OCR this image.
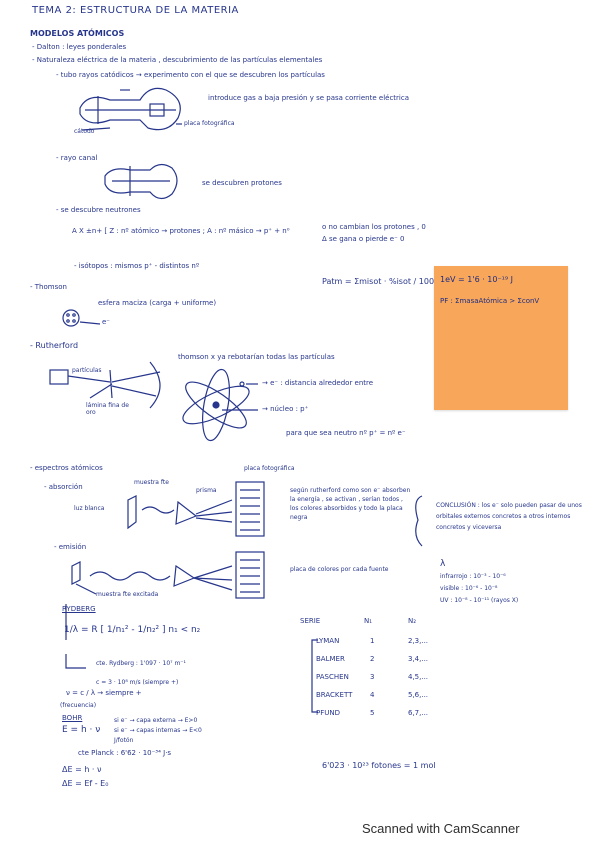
TEMA 2: ESTRUCTURA DE LA MATERIA
MODELOS ATÓMICOS
- Dalton : leyes ponderales
- Naturaleza eléctrica de la materia , descubrimiento de las partículas elementales
- tubo rayos catódicos → experimento con el que se descubren los partículas
introduce gas a baja presión y se pasa corriente eléctrica
cátodo
placa fotográfica
- rayo canal
se descubren protones
- se descubre neutrones
A X ±n+ [ Z : nº atómico → protones ; A : nº másico → p⁺ + n⁰	o no cambian los protones , 0
Δ se gana o pierde e⁻ 0
- isótopos : mismos p⁺ - distintos nº
Patm = Σmisot · %isot / 100
- Thomson
esfera maciza (carga + uniforme)
e⁻
- Rutherford
thomson x ya rebotarían todas las partículas
partículas
lámina fina de oro
→ e⁻ : distancia alrededor entre
→ núcleo : p⁺
para que sea neutro nº p⁺ = nº e⁻
- espectros atómicos
- absorción
muestra fte
luz blanca
prisma
placa fotográfica
según rutherford como son e⁻ absorben la energía , se activan , serían todos , los colores absorbidos y todo la placa negra
CONCLUSIÓN : los e⁻ solo pueden pasar de unos orbitales externos concretos a otros internos concretos y viceversa
- emisión
muestra fte excitada
placa de colores por cada fuente
λ
infrarrojo : 10⁻³ - 10⁻⁶
visible : 10⁻⁶ - 10⁻⁸
UV : 10⁻⁸ - 10⁻¹¹ (rayos X)
RYDBERG
1/λ = R [ 1/n₁² - 1/n₂² ] n₁ < n₂
cte. Rydberg : 1'097 · 10⁷ m⁻¹
c = 3 · 10⁸ m/s (siempre +)
ν = c / λ → siempre +
(frecuencia)
BOHR
E = h · ν
si e⁻ → capa externa → E>0
si e⁻ → capas internas → E<0
J/fotón
cte Planck : 6'62 · 10⁻³⁴ J·s
ΔE = h · ν
ΔE = Ef - E₀
SERIE	N₁	N₂
LYMAN	1	2,3,...
BALMER	2	3,4,...
PASCHEN	3	4,5,...
BRACKETT	4	5,6,...
PFUND	5	6,7,...
6'023 · 10²³ fotones = 1 mol
1eV = 1'6 · 10⁻¹⁹ J
PF : ΣmasaAtómica > ΣconV
Scanned with CamScanner
